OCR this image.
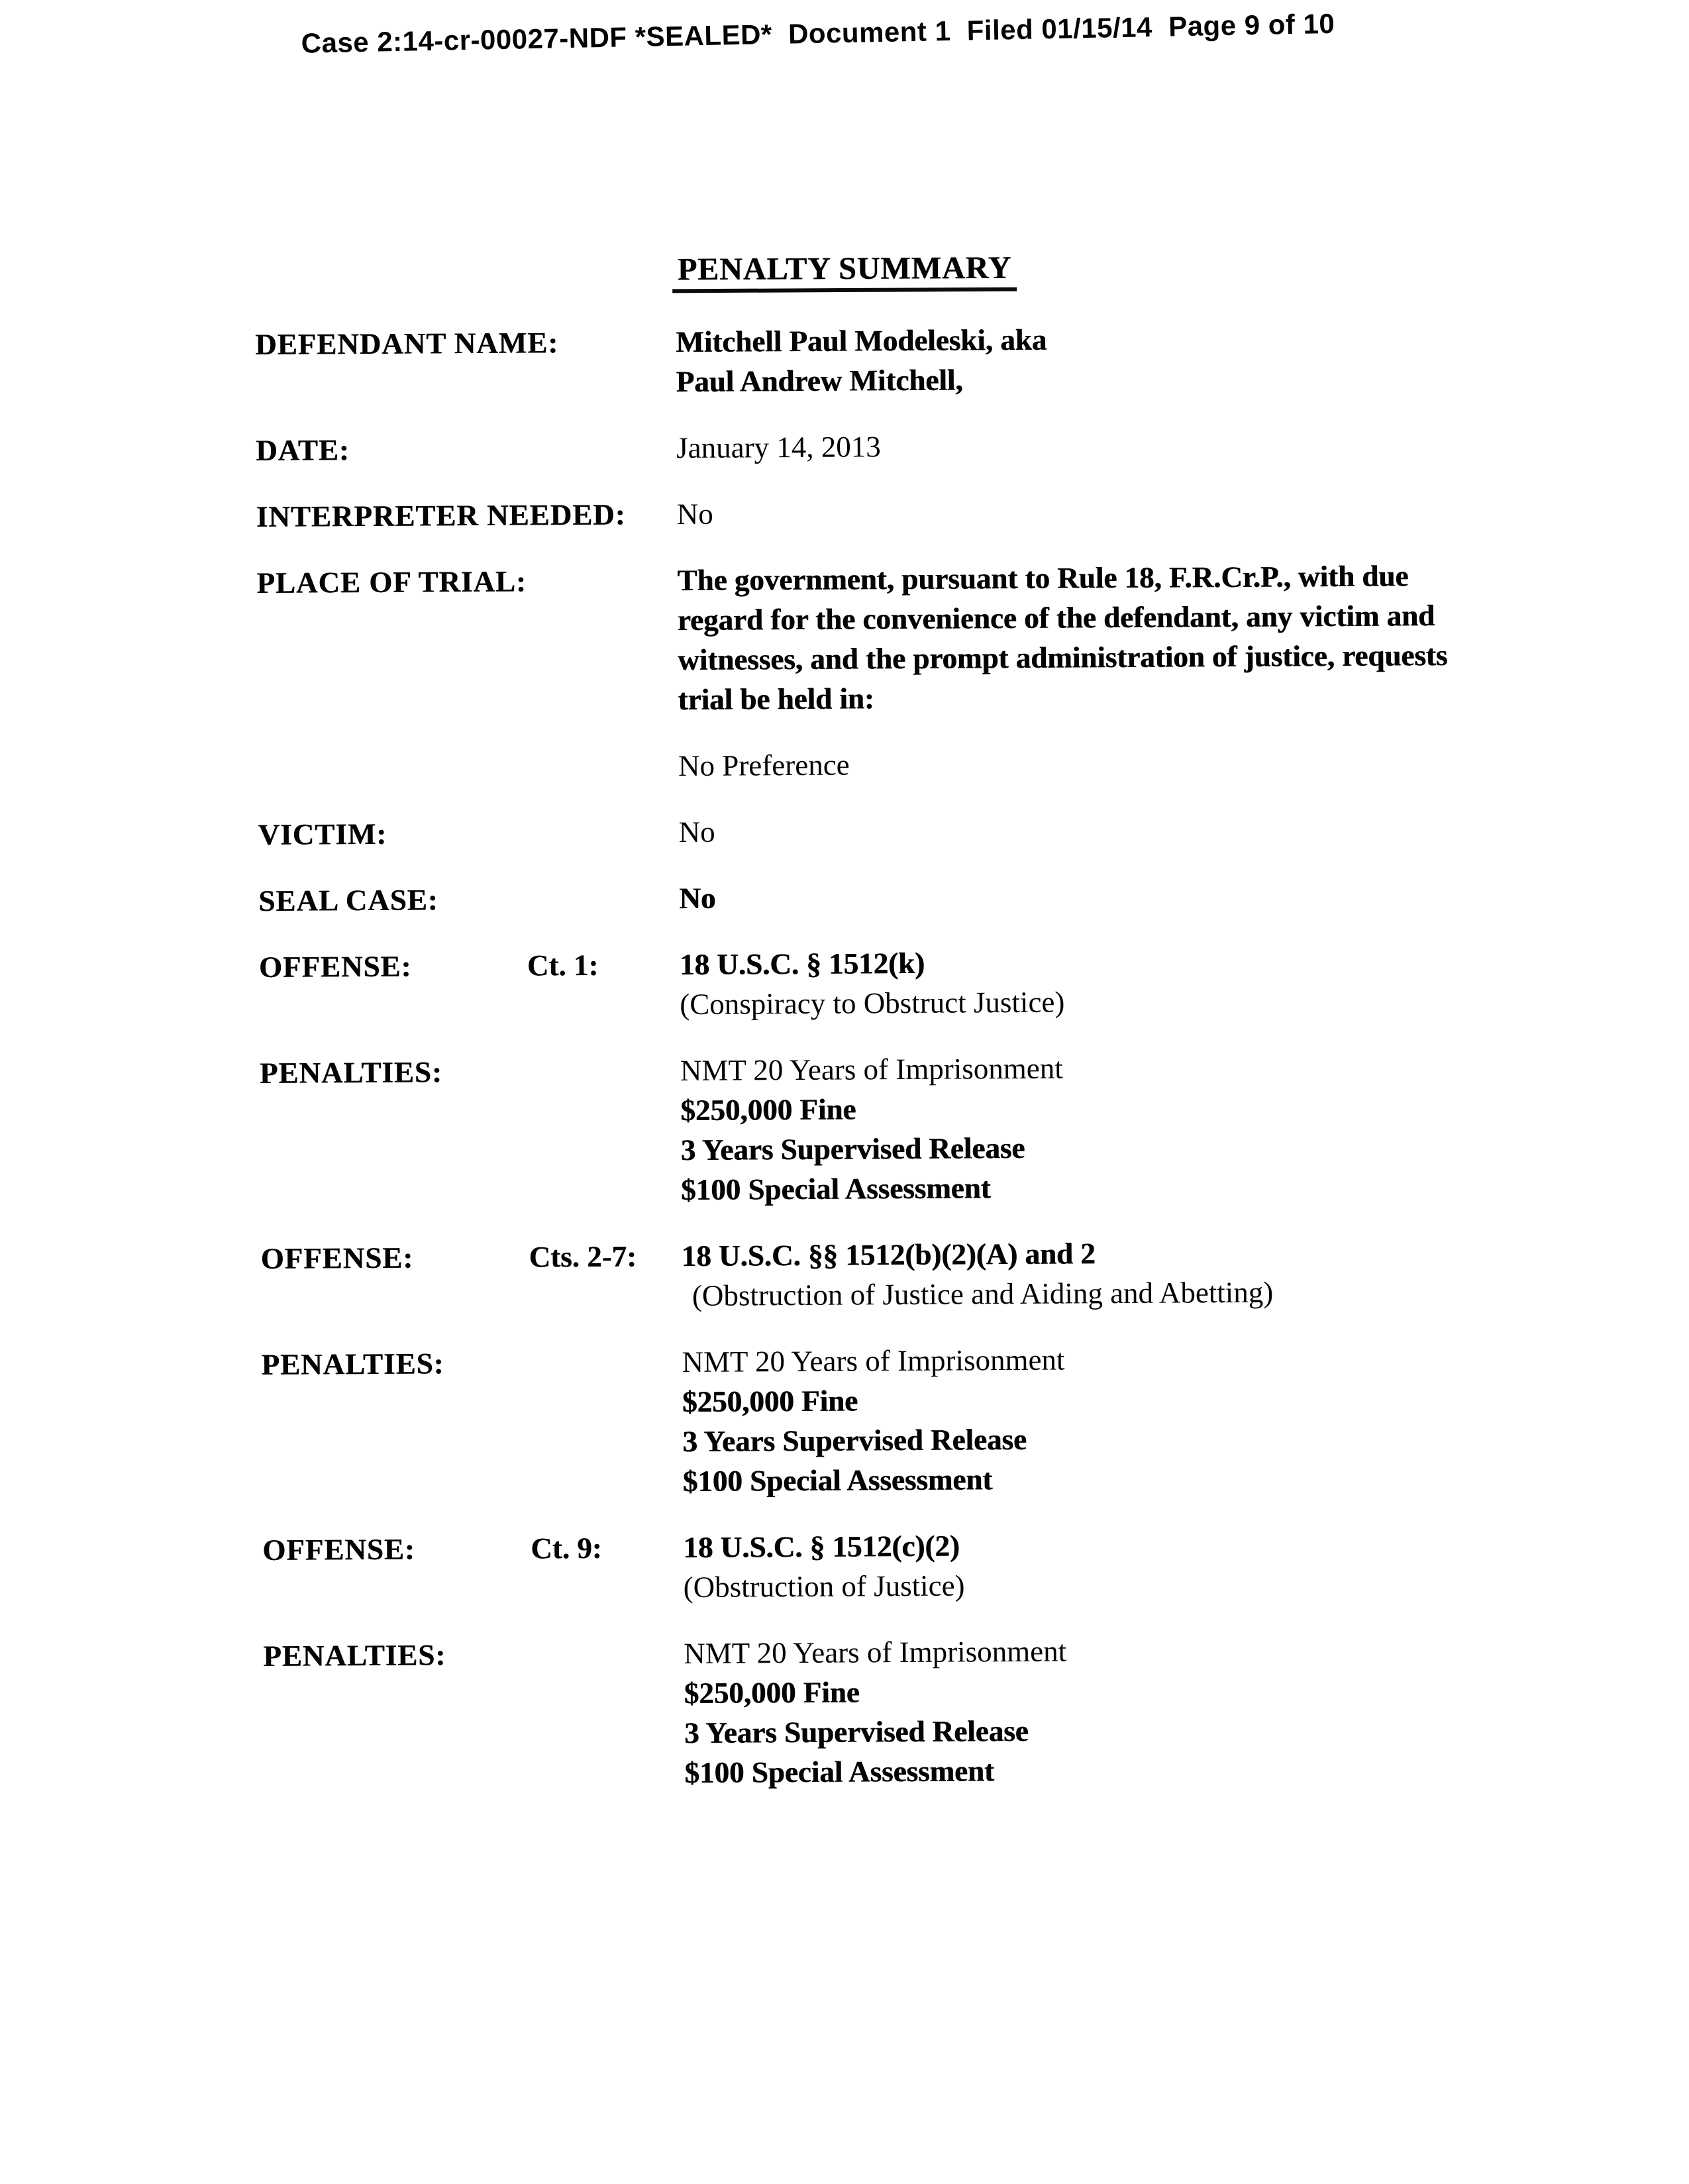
Case 2:14-cr-00027-NDF *SEALED*  Document 1  Filed 01/15/14  Page 9 of 10
PENALTY SUMMARY
DEFENDANT NAME:	Mitchell Paul Modeleski, aka
Paul Andrew Mitchell,
DATE:	January 14, 2013
INTERPRETER NEEDED: No
PLACE OF TRIAL:	The government, pursuant to Rule 18, F.R.Cr.P., with due
regard for the convenience of the defendant, any victim and
witnesses, and the prompt administration of justice, requests
trial be held in:
No Preference
VICTIM:	No
SEAL CASE:	No
OFFENSE:	Ct. 1:	18 U.S.C. § 1512(k)
(Conspiracy to Obstruct Justice)
PENALTIES:	NMT 20 Years of Imprisonment
$250,000 Fine
3 Years Supervised Release
$100 Special Assessment
OFFENSE:	Cts. 2-7:	18 U.S.C. §§ 1512(b)(2)(A) and 2
(Obstruction of Justice and Aiding and Abetting)
PENALTIES:	NMT 20 Years of Imprisonment
$250,000 Fine
3 Years Supervised Release
$100 Special Assessment
OFFENSE:	Ct. 9:	18 U.S.C. § 1512(c)(2)
(Obstruction of Justice)
PENALTIES:	NMT 20 Years of Imprisonment
$250,000 Fine
3 Years Supervised Release
$100 Special Assessment
